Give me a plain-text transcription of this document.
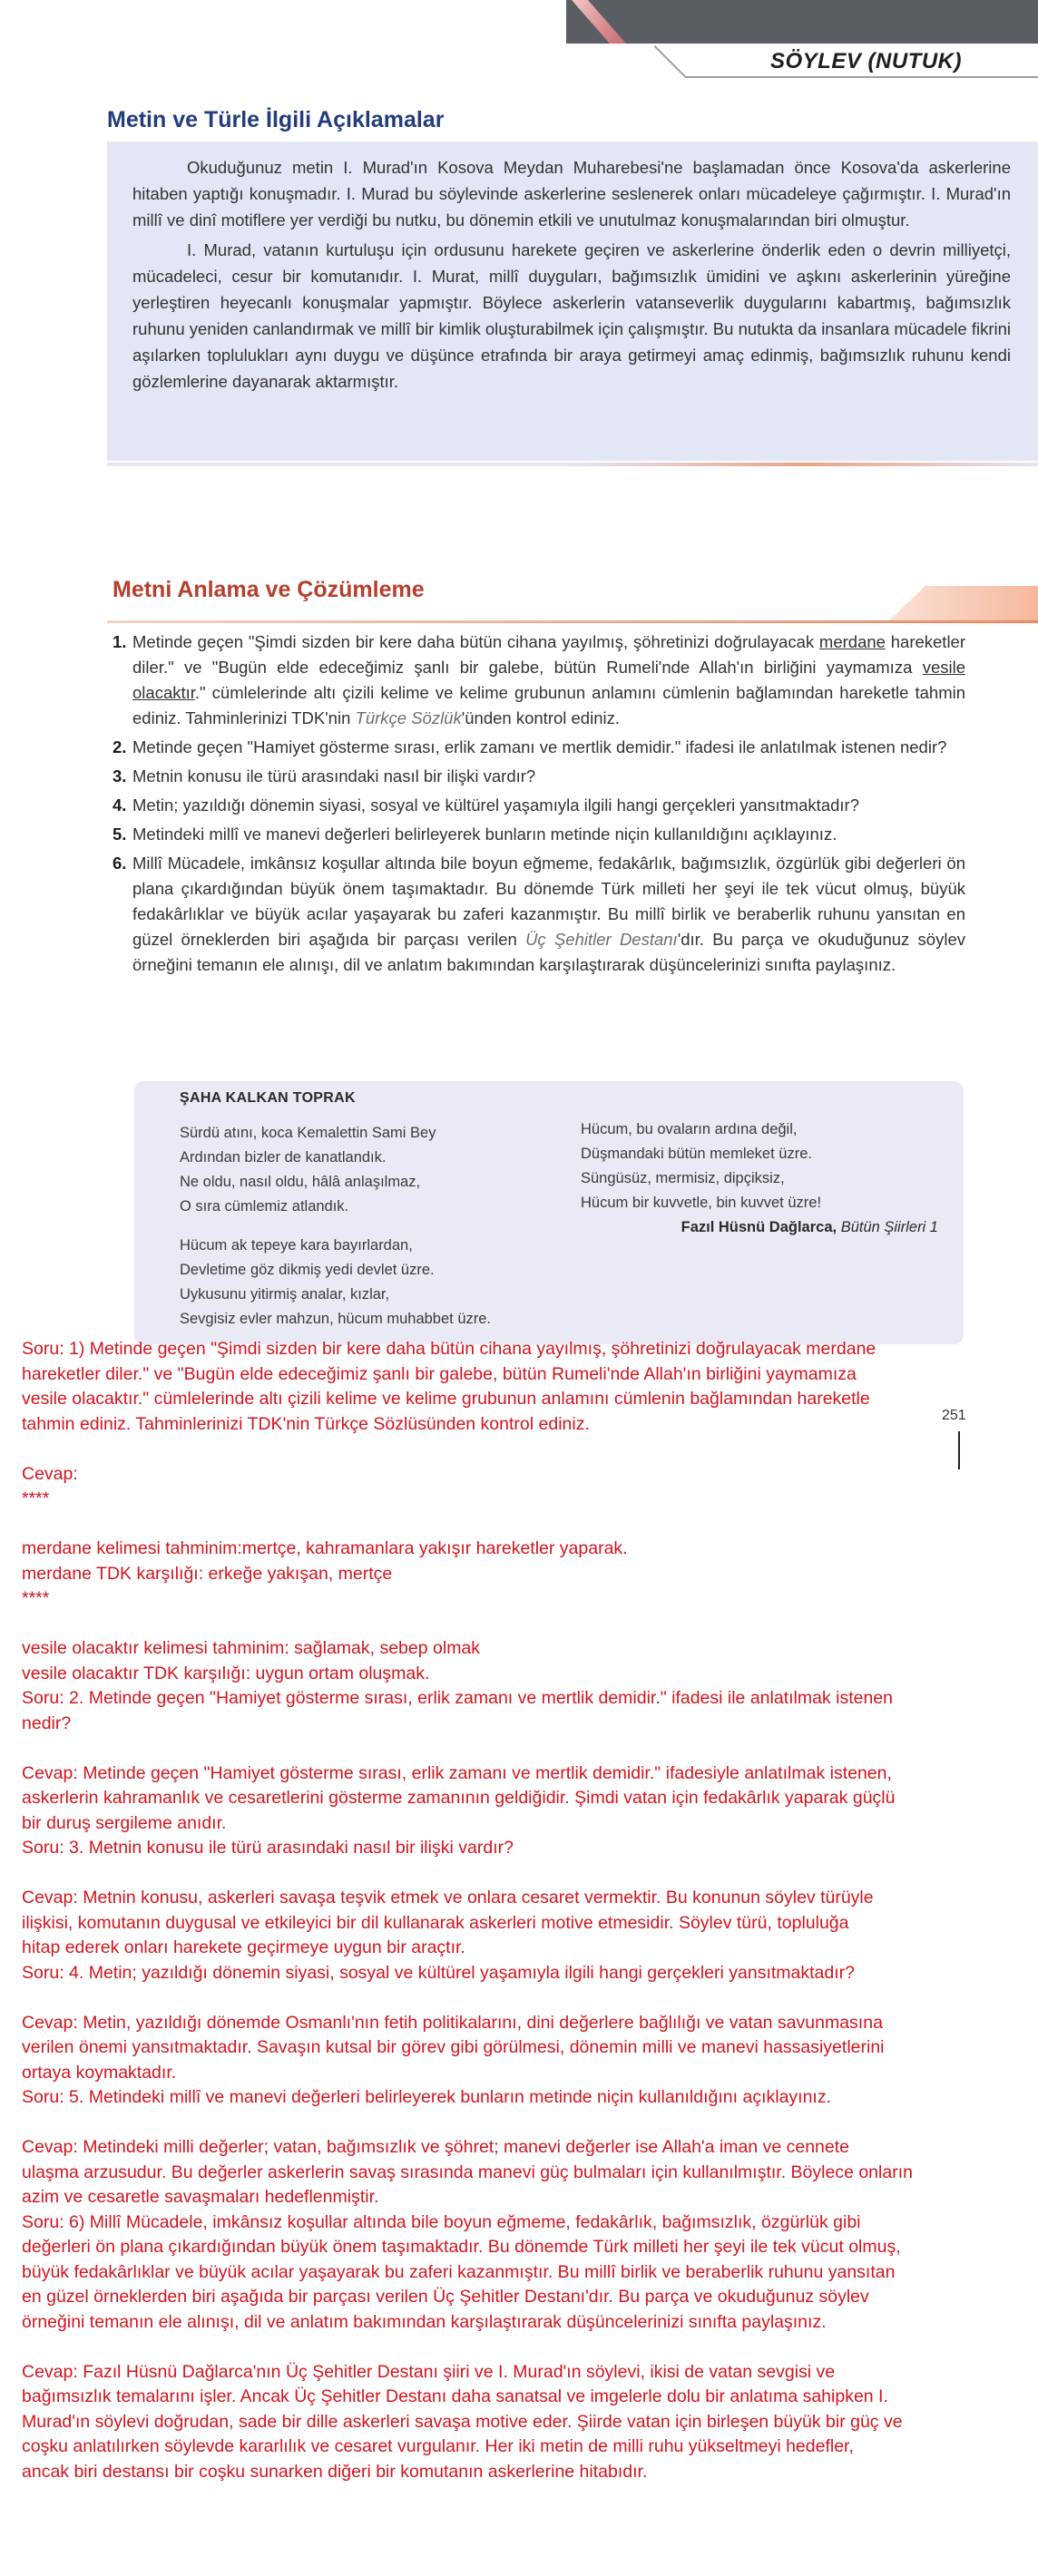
SÖYLEV (NUTUK)
Metin ve Türle İlgili Açıklamalar

Okuduğunuz metin I. Murad'ın Kosova Meydan Muharebesi'ne başlamadan önce Kosova'da askerlerine hitaben yaptığı konuşmadır. I. Murad bu söylevinde askerlerine seslenerek onları mücadeleye çağırmıştır. I. Murad'ın millî ve dinî motiflere yer verdiği bu nutku, bu dönemin etkili ve unutulmaz konuşmalarından biri olmuştur.

I. Murad, vatanın kurtuluşu için ordusunu harekete geçiren ve askerlerine önderlik eden o devrin milliyetçi, mücadeleci, cesur bir komutanıdır. I. Murat, millî duyguları, bağımsızlık ümidini ve aşkını askerlerinin yüreğine yerleştiren heyecanlı konuşmalar yapmıştır. Böylece askerlerin vatanseverlik duygularını kabartmış, bağımsızlık ruhunu yeniden canlandırmak ve millî bir kimlik oluşturabilmek için çalışmıştır. Bu nutukta da insanlara mücadele fikrini aşılarken toplulukları aynı duygu ve düşünce etrafında bir araya getirmeyi amaç edinmiş, bağımsızlık ruhunu kendi gözlemlerine dayanarak aktarmıştır.

Metni Anlama ve Çözümleme
1. Metinde geçen "Şimdi sizden bir kere daha bütün cihana yayılmış, şöhretinizi doğrulayacak merdane hareketler diler." ve "Bugün elde edeceğimiz şanlı bir galebe, bütün Rumeli'nde Allah'ın birliğini yaymamıza vesile olacaktır." cümlelerinde altı çizili kelime ve kelime grubunun anlamını cümlenin bağlamından hareketle tahmin ediniz. Tahminlerinizi TDK'nin Türkçe Sözlük'ünden kontrol ediniz.
2. Metinde geçen "Hamiyet gösterme sırası, erlik zamanı ve mertlik demidir." ifadesi ile anlatılmak istenen nedir?
3. Metnin konusu ile türü arasındaki nasıl bir ilişki vardır?
4. Metin; yazıldığı dönemin siyasi, sosyal ve kültürel yaşamıyla ilgili hangi gerçekleri yansıtmaktadır?
5. Metindeki millî ve manevi değerleri belirleyerek bunların metinde niçin kullanıldığını açıklayınız.
6. Millî Mücadele, imkânsız koşullar altında bile boyun eğmeme, fedakârlık, bağımsızlık, özgürlük gibi değerleri ön plana çıkardığından büyük önem taşımaktadır. Bu dönemde Türk milleti her şeyi ile tek vücut olmuş, büyük fedakârlıklar ve büyük acılar yaşayarak bu zaferi kazanmıştır. Bu millî birlik ve beraberlik ruhunu yansıtan en güzel örneklerden biri aşağıda bir parçası verilen Üç Şehitler Destanı'dır. Bu parça ve okuduğunuz söylev örneğini temanın ele alınışı, dil ve anlatım bakımından karşılaştırarak düşüncelerinizi sınıfta paylaşınız.
ŞAHA KALKAN TOPRAK
Sürdü atını, koca Kemalettin Sami Bey
Ardından bizler de kanatlandık.
Ne oldu, nasıl oldu, hâlâ anlaşılmaz,
O sıra cümlemiz atlandık.
Hücum ak tepeye kara bayırlardan,
Devletime göz dikmiş yedi devlet üzre.
Uykusunu yitirmiş analar, kızlar,
Sevgisiz evler mahzun, hücum muhabbet üzre.
Hücum, bu ovaların ardına değil,
Düşmandaki bütün memleket üzre.
Süngüsüz, mermisiz, dipçiksiz,
Hücum bir kuvvetle, bin kuvvet üzre!
Fazıl Hüsnü Dağlarca, Bütün Şiirleri 1
251
Soru: 1) Metinde geçen "Şimdi sizden bir kere daha bütün cihana yayılmış, şöhretinizi doğrulayacak merdane
hareketler diler." ve "Bugün elde edeceğimiz şanlı bir galebe, bütün Rumeli'nde Allah'ın birliğini yaymamıza
vesile olacaktır." cümlelerinde altı çizili kelime ve kelime grubunun anlamını cümlenin bağlamından hareketle
tahmin ediniz. Tahminlerinizi TDK'nin Türkçe Sözlüsünden kontrol ediniz.
Cevap:
****
merdane kelimesi tahminim:mertçe, kahramanlara yakışır hareketler yaparak.
merdane TDK karşılığı: erkeğe yakışan, mertçe
****
vesile olacaktır kelimesi tahminim: sağlamak, sebep olmak
vesile olacaktır TDK karşılığı: uygun ortam oluşmak.
Soru: 2. Metinde geçen "Hamiyet gösterme sırası, erlik zamanı ve mertlik demidir." ifadesi ile anlatılmak istenen
nedir?
Cevap: Metinde geçen "Hamiyet gösterme sırası, erlik zamanı ve mertlik demidir." ifadesiyle anlatılmak istenen,
askerlerin kahramanlık ve cesaretlerini gösterme zamanının geldiğidir. Şimdi vatan için fedakârlık yaparak güçlü
bir duruş sergileme anıdır.
Soru: 3. Metnin konusu ile türü arasındaki nasıl bir ilişki vardır?
Cevap: Metnin konusu, askerleri savaşa teşvik etmek ve onlara cesaret vermektir. Bu konunun söylev türüyle
ilişkisi, komutanın duygusal ve etkileyici bir dil kullanarak askerleri motive etmesidir. Söylev türü, topluluğa
hitap ederek onları harekete geçirmeye uygun bir araçtır.
Soru: 4. Metin; yazıldığı dönemin siyasi, sosyal ve kültürel yaşamıyla ilgili hangi gerçekleri yansıtmaktadır?
Cevap: Metin, yazıldığı dönemde Osmanlı'nın fetih politikalarını, dini değerlere bağlılığı ve vatan savunmasına
verilen önemi yansıtmaktadır. Savaşın kutsal bir görev gibi görülmesi, dönemin milli ve manevi hassasiyetlerini
ortaya koymaktadır.
Soru: 5. Metindeki millî ve manevi değerleri belirleyerek bunların metinde niçin kullanıldığını açıklayınız.
Cevap: Metindeki milli değerler; vatan, bağımsızlık ve şöhret; manevi değerler ise Allah'a iman ve cennete
ulaşma arzusudur. Bu değerler askerlerin savaş sırasında manevi güç bulmaları için kullanılmıştır. Böylece onların
azim ve cesaretle savaşmaları hedeflenmiştir.
Soru: 6) Millî Mücadele, imkânsız koşullar altında bile boyun eğmeme, fedakârlık, bağımsızlık, özgürlük gibi
değerleri ön plana çıkardığından büyük önem taşımaktadır. Bu dönemde Türk milleti her şeyi ile tek vücut olmuş,
büyük fedakârlıklar ve büyük acılar yaşayarak bu zaferi kazanmıştır. Bu millî birlik ve beraberlik ruhunu yansıtan
en güzel örneklerden biri aşağıda bir parçası verilen Üç Şehitler Destanı'dır. Bu parça ve okuduğunuz söylev
örneğini temanın ele alınışı, dil ve anlatım bakımından karşılaştırarak düşüncelerinizi sınıfta paylaşınız.
Cevap: Fazıl Hüsnü Dağlarca'nın Üç Şehitler Destanı şiiri ve I. Murad'ın söylevi, ikisi de vatan sevgisi ve
bağımsızlık temalarını işler. Ancak Üç Şehitler Destanı daha sanatsal ve imgelerle dolu bir anlatıma sahipken I.
Murad'ın söylevi doğrudan, sade bir dille askerleri savaşa motive eder. Şiirde vatan için birleşen büyük bir güç ve
coşku anlatılırken söylevde kararlılık ve cesaret vurgulanır. Her iki metin de milli ruhu yükseltmeyi hedefler,
ancak biri destansı bir coşku sunarken diğeri bir komutanın askerlerine hitabıdır.
